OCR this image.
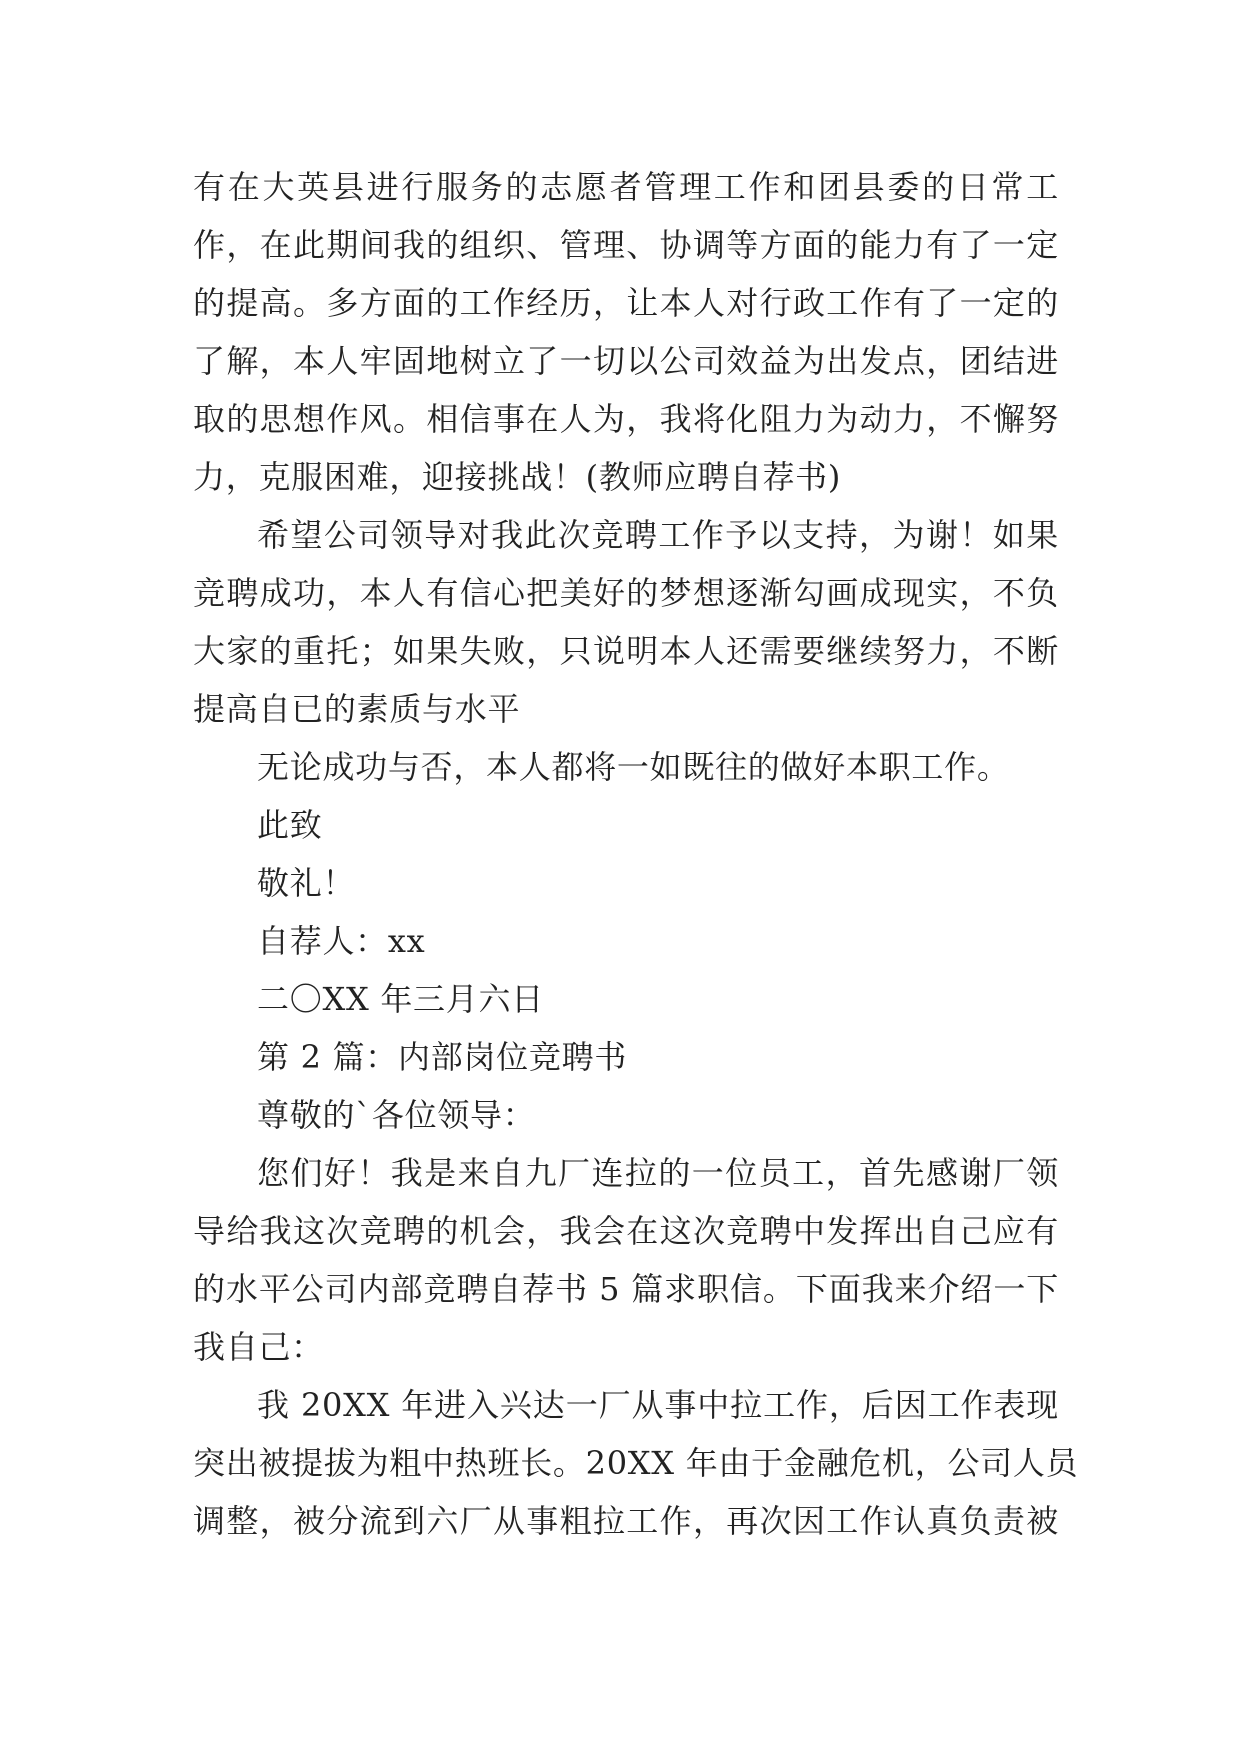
有在大英县进行服务的志愿者管理工作和团县委的日常工
作，在此期间我的组织、管理、协调等方面的能力有了一定
的提高。多方面的工作经历，让本人对行政工作有了一定的
了解，本人牢固地树立了一切以公司效益为出发点，团结进
取的思想作风。相信事在人为，我将化阻力为动力，不懈努
力，克服困难，迎接挑战！(教师应聘自荐书)
希望公司领导对我此次竞聘工作予以支持，为谢！如果
竞聘成功，本人有信心把美好的梦想逐渐勾画成现实，不负
大家的重托；如果失败，只说明本人还需要继续努力，不断
提高自已的素质与水平
无论成功与否，本人都将一如既往的做好本职工作。
此致
敬礼！
自荐人：xx
二〇XX 年三月六日
第 2 篇：内部岗位竞聘书
尊敬的`各位领导：
您们好！我是来自九厂连拉的一位员工，首先感谢厂领
导给我这次竞聘的机会，我会在这次竞聘中发挥出自己应有
的水平公司内部竞聘自荐书 5 篇求职信。下面我来介绍一下
我自己：
我 20XX 年进入兴达一厂从事中拉工作，后因工作表现
突出被提拔为粗中热班长。20XX 年由于金融危机，公司人员
调整，被分流到六厂从事粗拉工作，再次因工作认真负责被
